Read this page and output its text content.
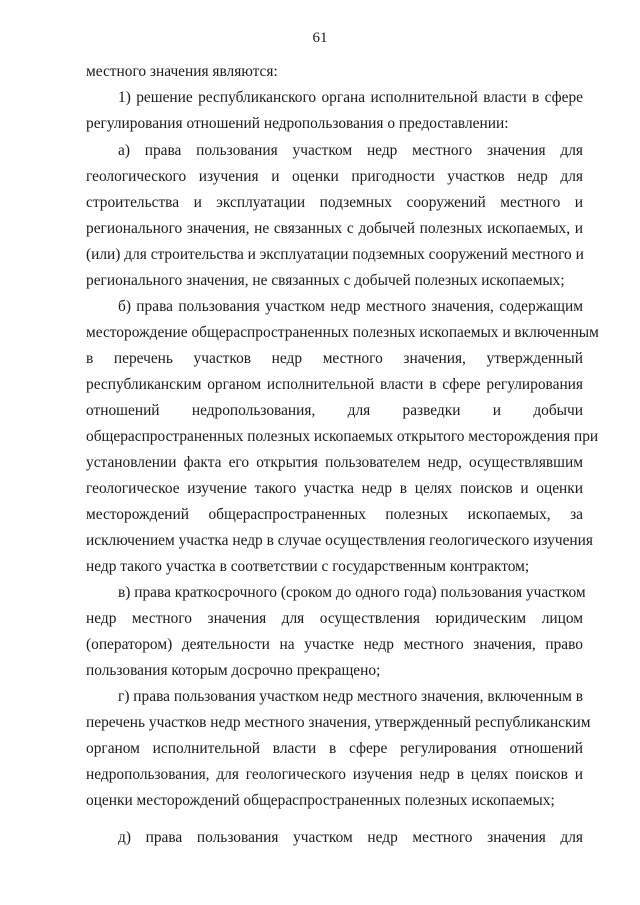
61
местного значения являются:
1) решение республиканского органа исполнительной власти в сфере
регулирования отношений недропользования о предоставлении:
а) права пользования участком недр местного значения для
геологического изучения и оценки пригодности участков недр для
строительства и эксплуатации подземных сооружений местного и
регионального значения, не связанных с добычей полезных ископаемых, и
(или) для строительства и эксплуатации подземных сооружений местного и
регионального значения, не связанных с добычей полезных ископаемых;
б) права пользования участком недр местного значения, содержащим
месторождение общераспространенных полезных ископаемых и включенным
в перечень участков недр местного значения, утвержденный
республиканским органом исполнительной власти в сфере регулирования
отношений недропользования, для разведки и добычи
общераспространенных полезных ископаемых открытого месторождения при
установлении факта его открытия пользователем недр, осуществлявшим
геологическое изучение такого участка недр в целях поисков и оценки
месторождений общераспространенных полезных ископаемых, за
исключением участка недр в случае осуществления геологического изучения
недр такого участка в соответствии с государственным контрактом;
в) права краткосрочного (сроком до одного года) пользования участком
недр местного значения для осуществления юридическим лицом
(оператором) деятельности на участке недр местного значения, право
пользования которым досрочно прекращено;
г) права пользования участком недр местного значения, включенным в
перечень участков недр местного значения, утвержденный республиканским
органом исполнительной власти в сфере регулирования отношений
недропользования, для геологического изучения недр в целях поисков и
оценки месторождений общераспространенных полезных ископаемых;
д) права пользования участком недр местного значения для
